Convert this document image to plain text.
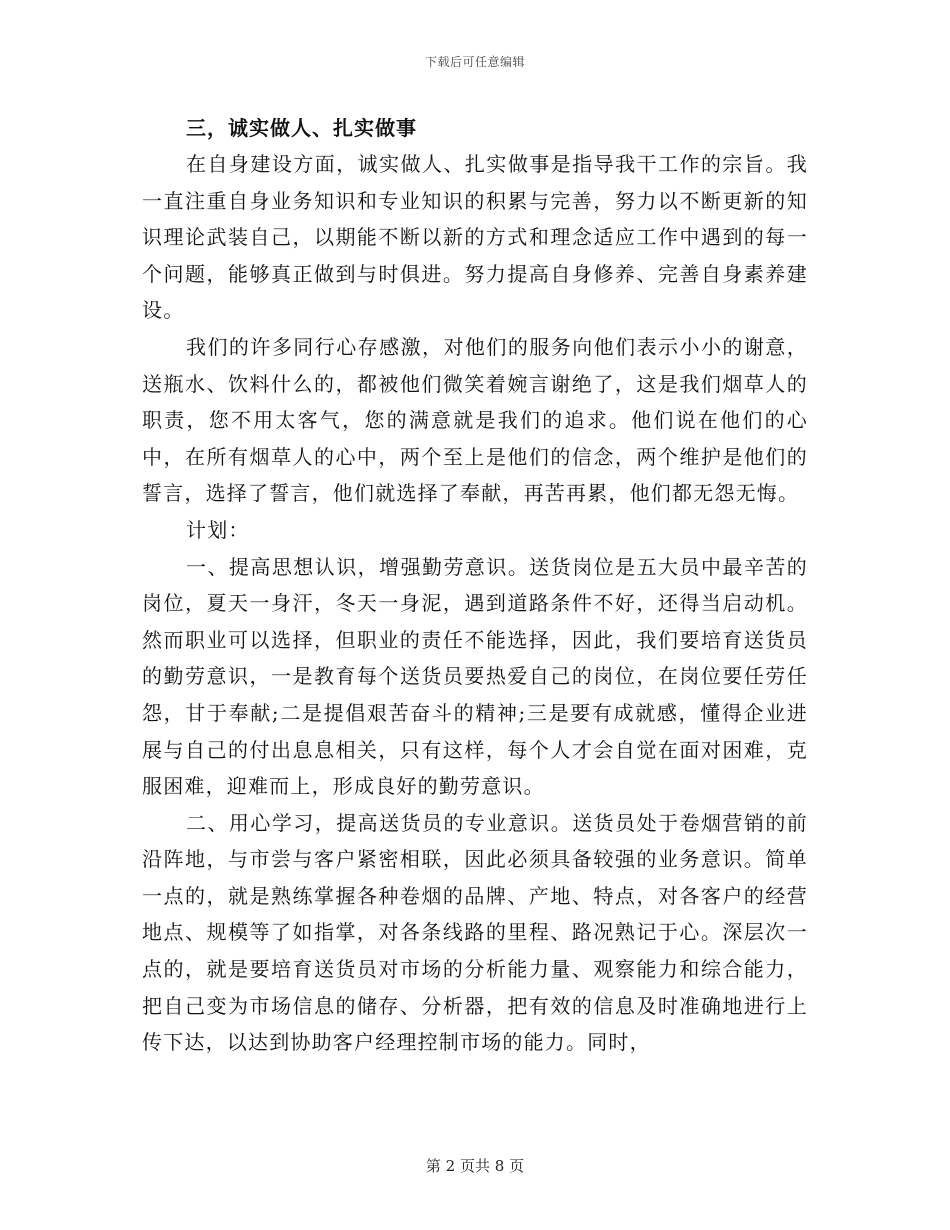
下载后可任意编辑
三，诚实做人、扎实做事

在自身建设方面，诚实做人、扎实做事是指导我干工作的宗旨。我一直注重自身业务知识和专业知识的积累与完善，努力以不断更新的知识理论武装自己，以期能不断以新的方式和理念适应工作中遇到的每一个问题，能够真正做到与时俱进。努力提高自身修养、完善自身素养建设。

我们的许多同行心存感激，对他们的服务向他们表示小小的谢意，送瓶水、饮料什么的，都被他们微笑着婉言谢绝了，这是我们烟草人的职责，您不用太客气，您的满意就是我们的追求。他们说在他们的心中，在所有烟草人的心中，两个至上是他们的信念，两个维护是他们的誓言，选择了誓言，他们就选择了奉献，再苦再累，他们都无怨无悔。

计划：

一、提高思想认识，增强勤劳意识。送货岗位是五大员中最辛苦的岗位，夏天一身汗，冬天一身泥，遇到道路条件不好，还得当启动机。然而职业可以选择，但职业的责任不能选择，因此，我们要培育送货员的勤劳意识，一是教育每个送货员要热爱自己的岗位，在岗位要任劳任怨，甘于奉献;二是提倡艰苦奋斗的精神;三是要有成就感，懂得企业进展与自己的付出息息相关，只有这样，每个人才会自觉在面对困难，克服困难，迎难而上，形成良好的勤劳意识。

二、用心学习，提高送货员的专业意识。送货员处于卷烟营销的前沿阵地，与市尝与客户紧密相联，因此必须具备较强的业务意识。简单一点的，就是熟练掌握各种卷烟的品牌、产地、特点，对各客户的经营地点、规模等了如指掌，对各条线路的里程、路况熟记于心。深层次一点的，就是要培育送货员对市场的分析能力量、观察能力和综合能力，把自己变为市场信息的储存、分析器，把有效的信息及时准确地进行上传下达，以达到协助客户经理控制市场的能力。同时，

第 2 页共 8 页
